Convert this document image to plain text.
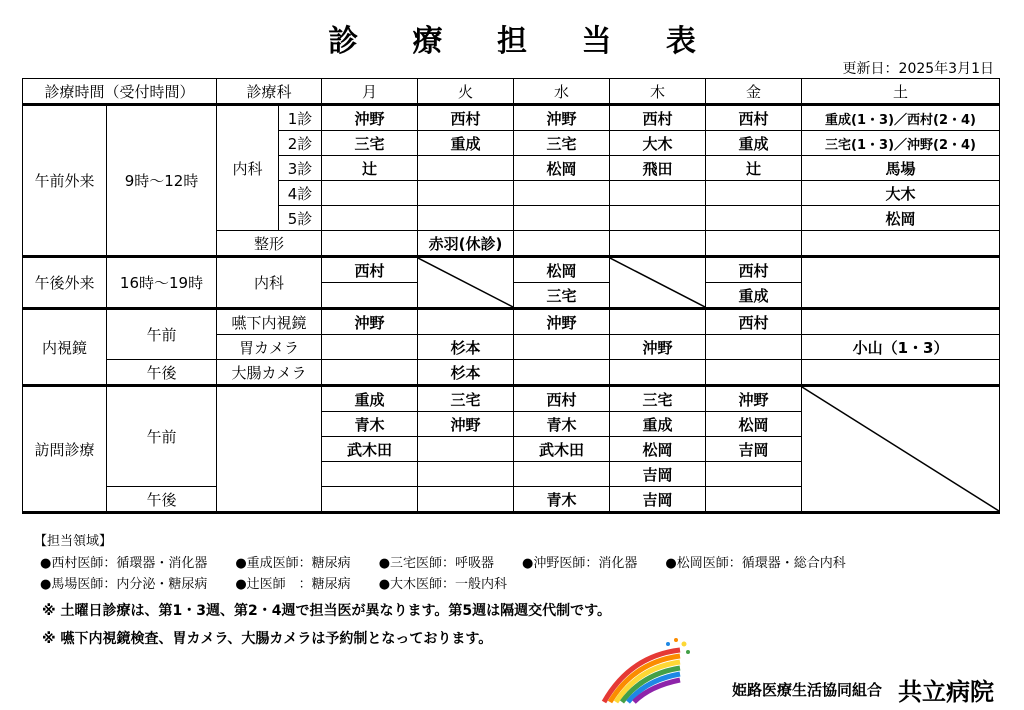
診 療 担 当 表
更新日：2025年3月1日
診療時間（受付時間）		診療科		月	火	水	木	金	土
午前外来	9時～12時	内科	1診	沖野	西村	沖野	西村	西村	重成(1・3)／西村(2・4)
			2診	三宅	重成	三宅	大木	重成	三宅(1・3)／沖野(2・4)
			3診	辻		松岡	飛田	辻	馬場
			4診						大木
			5診						松岡
		整形			赤羽(休診)				
午後外来	16時～19時	内科		西村		松岡		西村	
						三宅		重成	
内視鏡	午前	嚥下内視鏡		沖野		沖野		西村	
		胃カメラ			杉本		沖野		小山（1・3）
	午後	大腸カメラ			杉本				
訪問診療	午前			重成	三宅	西村	三宅	沖野	

				青木	沖野	青木	重成	松岡	
				武木田		武木田	松岡	吉岡	
							吉岡		
	午後					青木	吉岡		
【担当領域】
●西村医師：循環器・消化器 ●重成医師：糖尿病 ●三宅医師：呼吸器 ●沖野医師：消化器 ●松岡医師：循環器・総合内科
●馬場医師：内分泌・糖尿病 ●辻医師　：糖尿病 ●大木医師：一般内科
※ 土曜日診療は、第1・3週、第2・4週で担当医が異なります。第5週は隔週交代制です。
※ 嚥下内視鏡検査、胃カメラ、大腸カメラは予約制となっております。
姫路医療生活協同組合 共立病院
